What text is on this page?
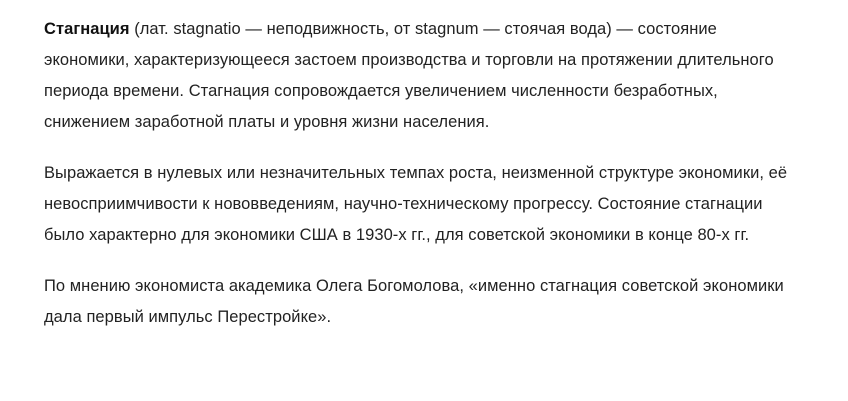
Стагнация (лат. stagnatio — неподвижность, от stagnum — стоячая вода) — состояние экономики, характеризующееся застоем производства и торговли на протяжении длительного периода времени. Стагнация сопровождается увеличением численности безработных, снижением заработной платы и уровня жизни населения.

Выражается в нулевых или незначительных темпах роста, неизменной структуре экономики, её невосприимчивости к нововведениям, научно-техническому прогрессу. Состояние стагнации было характерно для экономики США в 1930-х гг., для советской экономики в конце 80-х гг.

По мнению экономиста академика Олега Богомолова, «именно стагнация советской экономики дала первый импульс Перестройке».
